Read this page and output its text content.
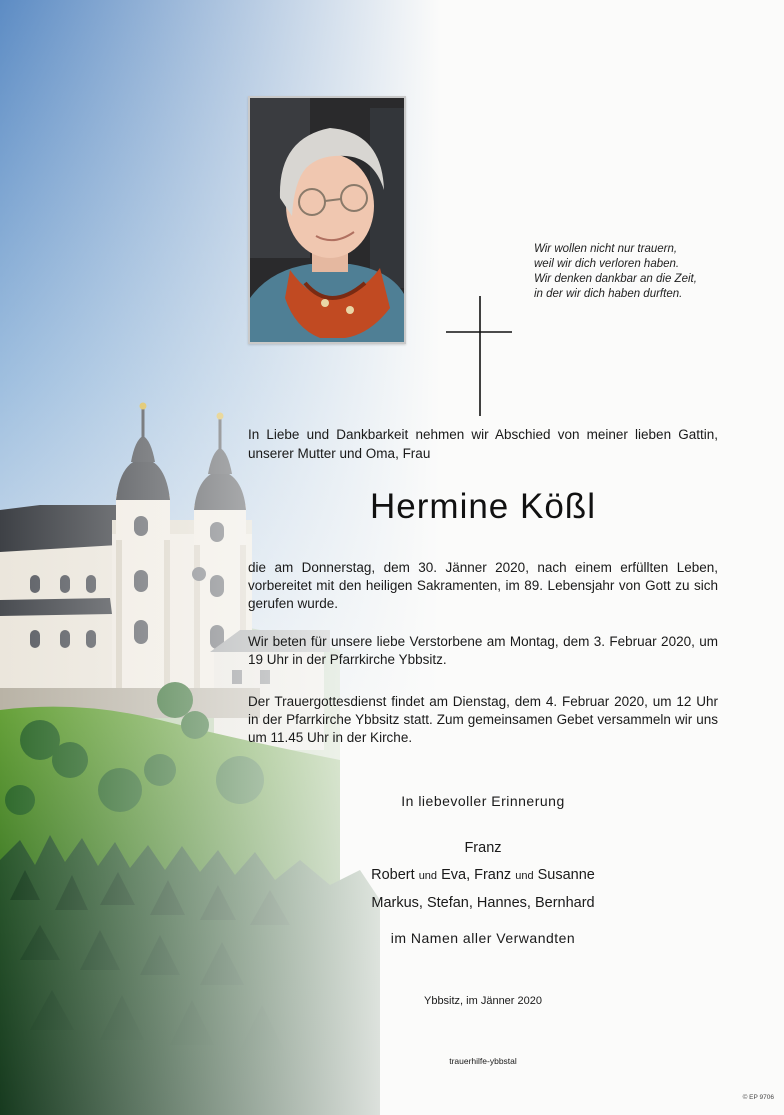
Wir wollen nicht nur trauern,
weil wir dich verloren haben.
Wir denken dankbar an die Zeit,
in der wir dich haben durften.
In Liebe und Dankbarkeit nehmen wir Abschied von meiner lieben Gattin, unserer Mutter und Oma, Frau
Hermine Kößl
die am Donnerstag, dem 30. Jänner 2020, nach einem erfüllten Leben, vorbereitet mit den heiligen Sakramenten, im 89. Lebensjahr von Gott zu sich gerufen wurde.
Wir beten für unsere liebe Verstorbene am Montag, dem 3. Februar 2020, um 19 Uhr in der Pfarrkirche Ybbsitz.
Der Trauergottesdienst findet am Dienstag, dem 4. Februar 2020, um 12 Uhr in der Pfarrkirche Ybbsitz statt. Zum gemeinsamen Gebet versammeln wir uns um 11.45 Uhr in der Kirche.
In liebevoller Erinnerung
Franz
Robert und Eva, Franz und Susanne
Markus, Stefan, Hannes, Bernhard
im Namen aller Verwandten
Ybbsitz, im Jänner 2020
trauerhilfe-ybbstal
© EP 9706
